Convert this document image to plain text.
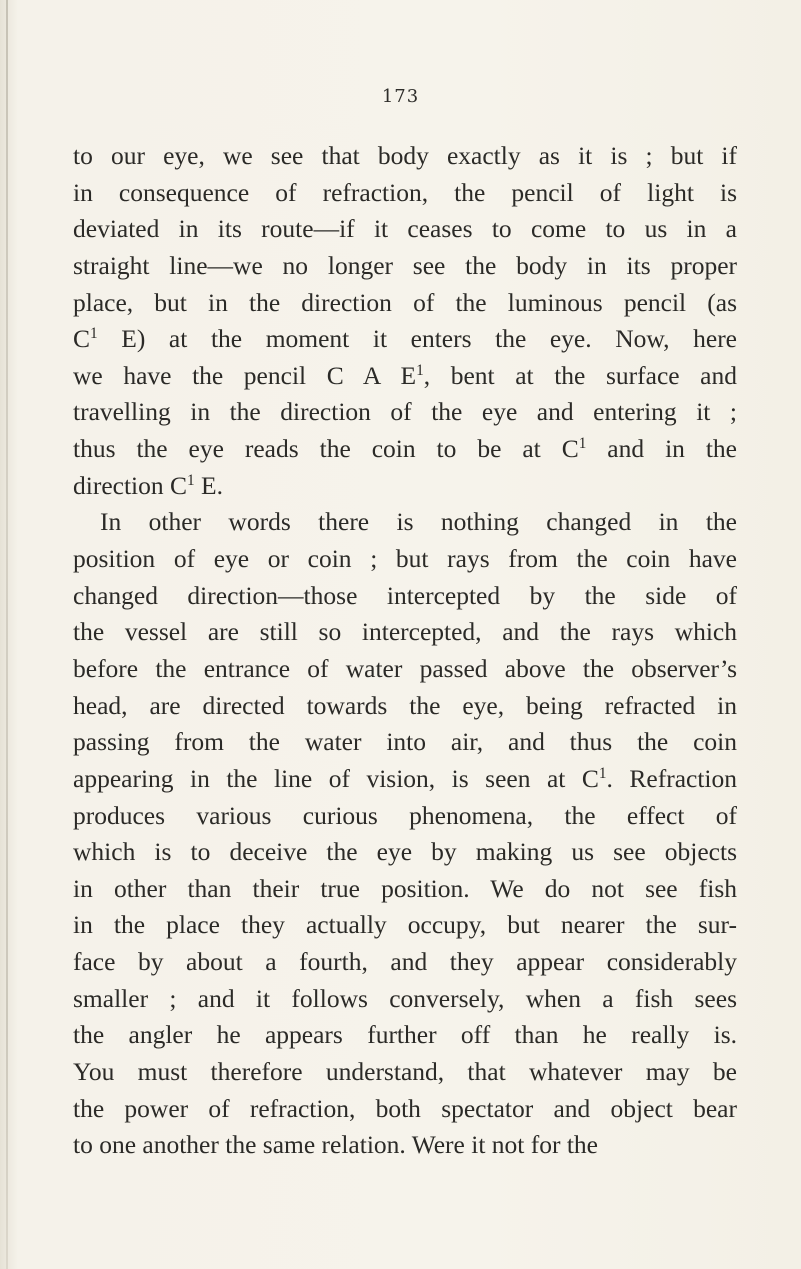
173
to our eye, we see that body exactly as it is ; but if
in consequence of refraction, the pencil of light is
deviated in its route—if it ceases to come to us in a
straight line—we no longer see the body in its proper
place, but in the direction of the luminous pencil (as
$C^1$ E) at the moment it enters the eye. Now, here
we have the pencil C A $E^1$, bent at the surface and
travelling in the direction of the eye and entering it ;
thus the eye reads the coin to be at $C^1$ and in the
direction $C^1$ E.
In other words there is nothing changed in the
position of eye or coin ; but rays from the coin have
changed direction—those intercepted by the side of
the vessel are still so intercepted, and the rays which
before the entrance of water passed above the observer’s
head, are directed towards the eye, being refracted in
passing from the water into air, and thus the coin
appearing in the line of vision, is seen at $C^1$. Refraction
produces various curious phenomena, the effect of
which is to deceive the eye by making us see objects
in other than their true position. We do not see fish
in the place they actually occupy, but nearer the sur-
face by about a fourth, and they appear considerably
smaller ; and it follows conversely, when a fish sees
the angler he appears further off than he really is.
You must therefore understand, that whatever may be
the power of refraction, both spectator and object bear
to one another the same relation. Were it not for the
